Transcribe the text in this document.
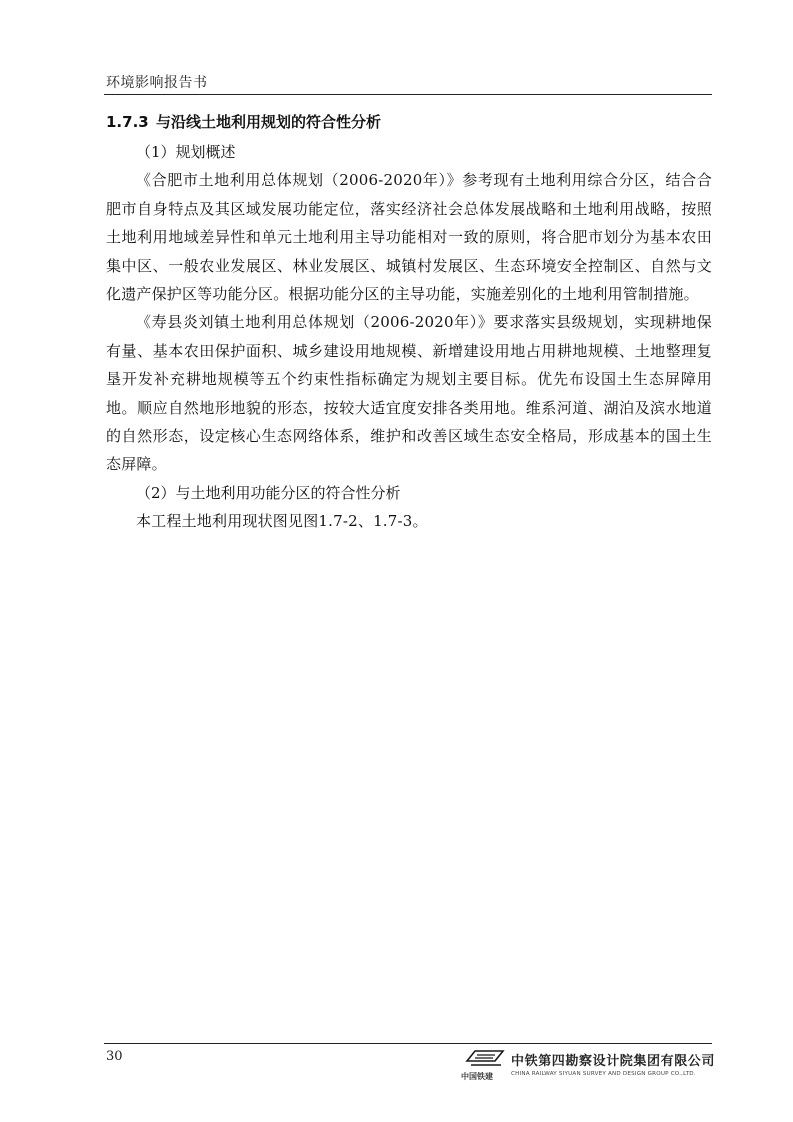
环境影响报告书
1.7.3 与沿线土地利用规划的符合性分析

（1）规划概述

《合肥市土地利用总体规划（2006-2020年）》参考现有土地利用综合分区，结合合肥市自身特点及其区域发展功能定位，落实经济社会总体发展战略和土地利用战略，按照土地利用地域差异性和单元土地利用主导功能相对一致的原则，将合肥市划分为基本农田集中区、一般农业发展区、林业发展区、城镇村发展区、生态环境安全控制区、自然与文化遗产保护区等功能分区。根据功能分区的主导功能，实施差别化的土地利用管制措施。

《寿县炎刘镇土地利用总体规划（2006-2020年）》要求落实县级规划，实现耕地保有量、基本农田保护面积、城乡建设用地规模、新增建设用地占用耕地规模、土地整理复垦开发补充耕地规模等五个约束性指标确定为规划主要目标。优先布设国土生态屏障用地。顺应自然地形地貌的形态，按较大适宜度安排各类用地。维系河道、湖泊及滨水地道的自然形态，设定核心生态网络体系，维护和改善区域生态安全格局，形成基本的国土生态屏障。

（2）与土地利用功能分区的符合性分析

本工程土地利用现状图见图1.7-2、1.7-3。

30
中国铁建
中铁第四勘察设计院集团有限公司
CHINA RAILWAY SIYUAN SURVEY AND DESIGN GROUP CO.,LTD.
